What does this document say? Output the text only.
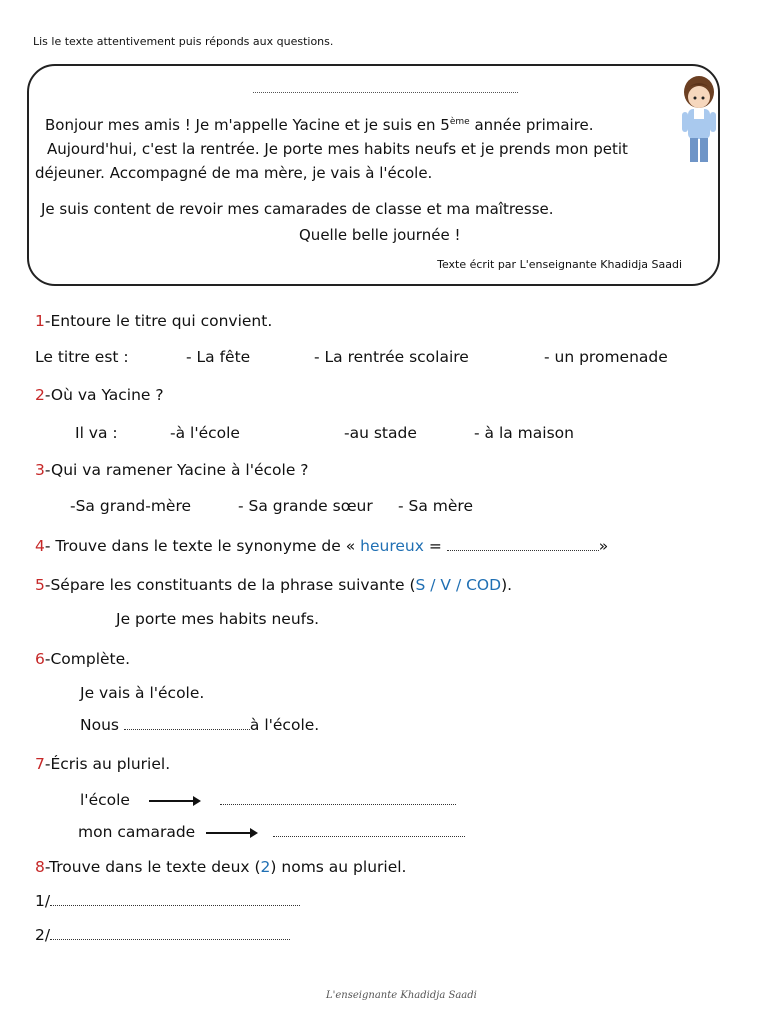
Lis le texte attentivement puis réponds aux questions.
Bonjour mes amis ! Je m'appelle Yacine et je suis en 5ème année primaire.
Aujourd'hui, c'est la rentrée. Je porte mes habits neufs et je prends mon petit
déjeuner. Accompagné de ma mère, je vais à l'école.
Je suis content de revoir mes camarades de classe et ma maîtresse.
Quelle belle journée !
Texte écrit par L'enseignante Khadidja Saadi
1-Entoure le titre qui convient.
Le titre est :	- La fête	- La rentrée scolaire	- un promenade
2-Où va Yacine ?
Il va :	-à l'école	-au stade	- à la maison
3-Qui va ramener Yacine à l'école ?
-Sa grand-mère	- Sa grande sœur - Sa mère
4- Trouve dans le texte le synonyme de « heureux =	»
5-Sépare les constituants de la phrase suivante (S / V / COD).
Je porte mes habits neufs.
6-Complète.
Je vais à l'école.
Nous	à l'école.
7-Écris au pluriel.
l'école
mon camarade
8-Trouve dans le texte deux (2) noms au pluriel.
1/
2/
L'enseignante Khadidja Saadi
